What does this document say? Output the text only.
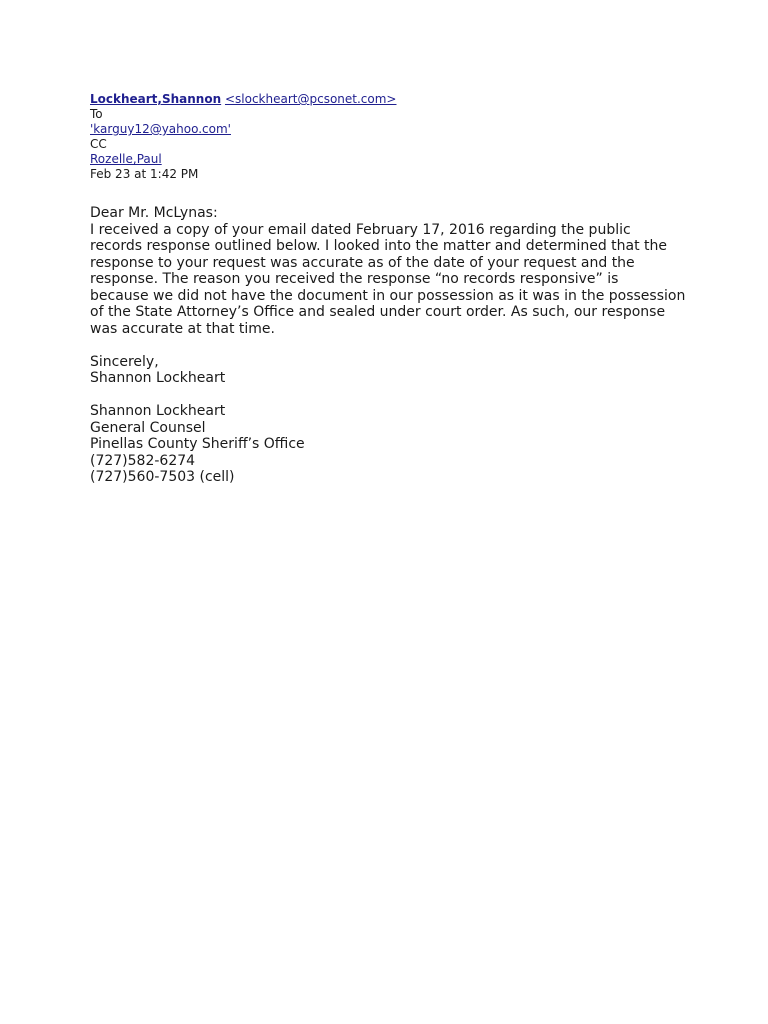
Lockheart,Shannon <slockheart@pcsonet.com>
To
'karguy12@yahoo.com'
CC
Rozelle,Paul
Feb 23 at 1:42 PM
Dear Mr. McLynas:
I received a copy of your email dated February 17, 2016 regarding the public
records response outlined below. I looked into the matter and determined that the
response to your request was accurate as of the date of your request and the
response. The reason you received the response “no records responsive” is
because we did not have the document in our possession as it was in the possession
of the State Attorney’s Office and sealed under court order. As such, our response
was accurate at that time.
Sincerely,
Shannon Lockheart
Shannon Lockheart
General Counsel
Pinellas County Sheriff’s Office
(727)582-6274
(727)560-7503 (cell)
